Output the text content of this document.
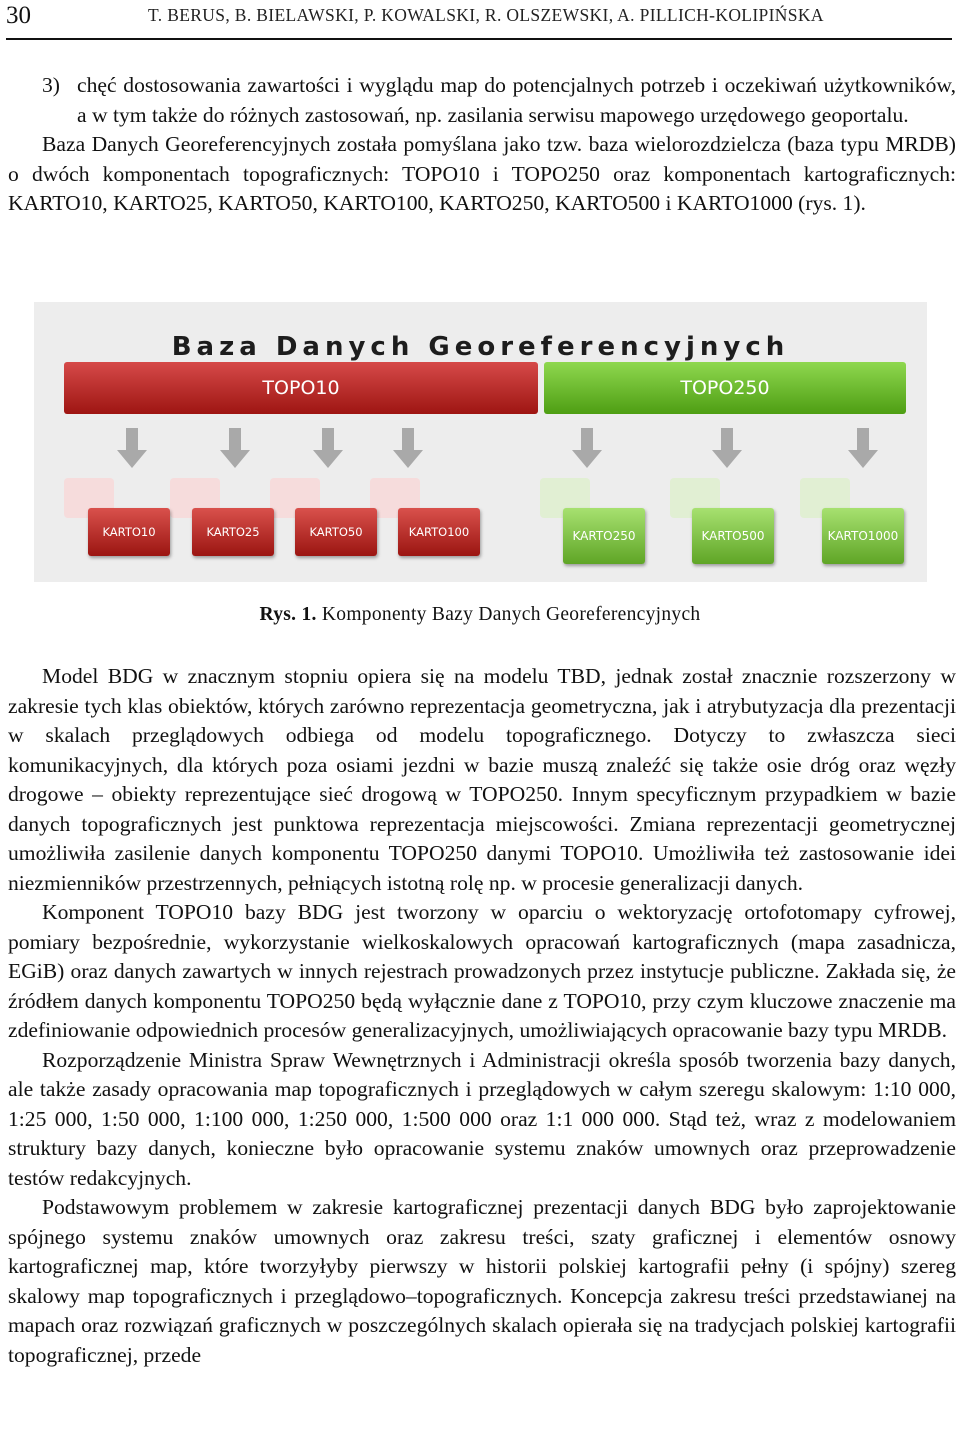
30	T. BERUS, B. BIELAWSKI, P. KOWALSKI, R. OLSZEWSKI, A. PILLICH-KOLIPIŃSKA

3) chęć dostosowania zawartości i wyglądu map do potencjalnych potrzeb i oczekiwań użytkowników, a w tym także do różnych zastosowań, np. zasilania serwisu mapowego urzędowego geoportalu.

Baza Danych Georeferencyjnych została pomyślana jako tzw. baza wielorozdzielcza (baza typu MRDB) o dwóch komponentach topograficznych: TOPO10 i TOPO250 oraz komponentach kartograficznych: KARTO10, KARTO25, KARTO50, KARTO100, KARTO250, KARTO500 i KARTO1000 (rys. 1).

Baza Danych Georeferencyjnych
TOPO10	TOPO250
KARTO10	KARTO25	KARTO50	KARTO100	KARTO250	KARTO500	KARTO1000
Rys. 1. Komponenty Bazy Danych Georeferencyjnych

Model BDG w znacznym stopniu opiera się na modelu TBD, jednak został znacznie rozszerzony w zakresie tych klas obiektów, których zarówno reprezentacja geometryczna, jak i atrybutyzacja dla prezentacji w skalach przeglądowych odbiega od modelu topograficznego. Dotyczy to zwłaszcza sieci komunikacyjnych, dla których poza osiami jezdni w bazie muszą znaleźć się także osie dróg oraz węzły drogowe – obiekty reprezentujące sieć drogową w TOPO250. Innym specyficznym przypadkiem w bazie danych topograficznych jest punktowa reprezentacja miejscowości. Zmiana reprezentacji geometrycznej umożliwiła zasilenie danych komponentu TOPO250 danymi TOPO10. Umożliwiła też zastosowanie idei niezmienników przestrzennych, pełniących istotną rolę np. w procesie generalizacji danych.

Komponent TOPO10 bazy BDG jest tworzony w oparciu o wektoryzację ortofotomapy cyfrowej, pomiary bezpośrednie, wykorzystanie wielkoskalowych opracowań kartograficznych (mapa zasadnicza, EGiB) oraz danych zawartych w innych rejestrach prowadzonych przez instytucje publiczne. Zakłada się, że źródłem danych komponentu TOPO250 będą wyłącznie dane z TOPO10, przy czym kluczowe znaczenie ma zdefiniowanie odpowiednich procesów generalizacyjnych, umożliwiających opracowanie bazy typu MRDB.

Rozporządzenie Ministra Spraw Wewnętrznych i Administracji określa sposób tworzenia bazy danych, ale także zasady opracowania map topograficznych i przeglądowych w całym szeregu skalowym: 1:10 000, 1:25 000, 1:50 000, 1:100 000, 1:250 000, 1:500 000 oraz 1:1 000 000. Stąd też, wraz z modelowaniem struktury bazy danych, konieczne było opracowanie systemu znaków umownych oraz przeprowadzenie testów redakcyjnych.

Podstawowym problemem w zakresie kartograficznej prezentacji danych BDG było zaprojektowanie spójnego systemu znaków umownych oraz zakresu treści, szaty graficznej i elementów osnowy kartograficznej map, które tworzyłyby pierwszy w historii polskiej kartografii pełny (i spójny) szereg skalowy map topograficznych i przeglądowo–topograficznych. Koncepcja zakresu treści przedstawianej na mapach oraz rozwiązań graficznych w poszczególnych skalach opierała się na tradycjach polskiej kartografii topograficznej, przede
